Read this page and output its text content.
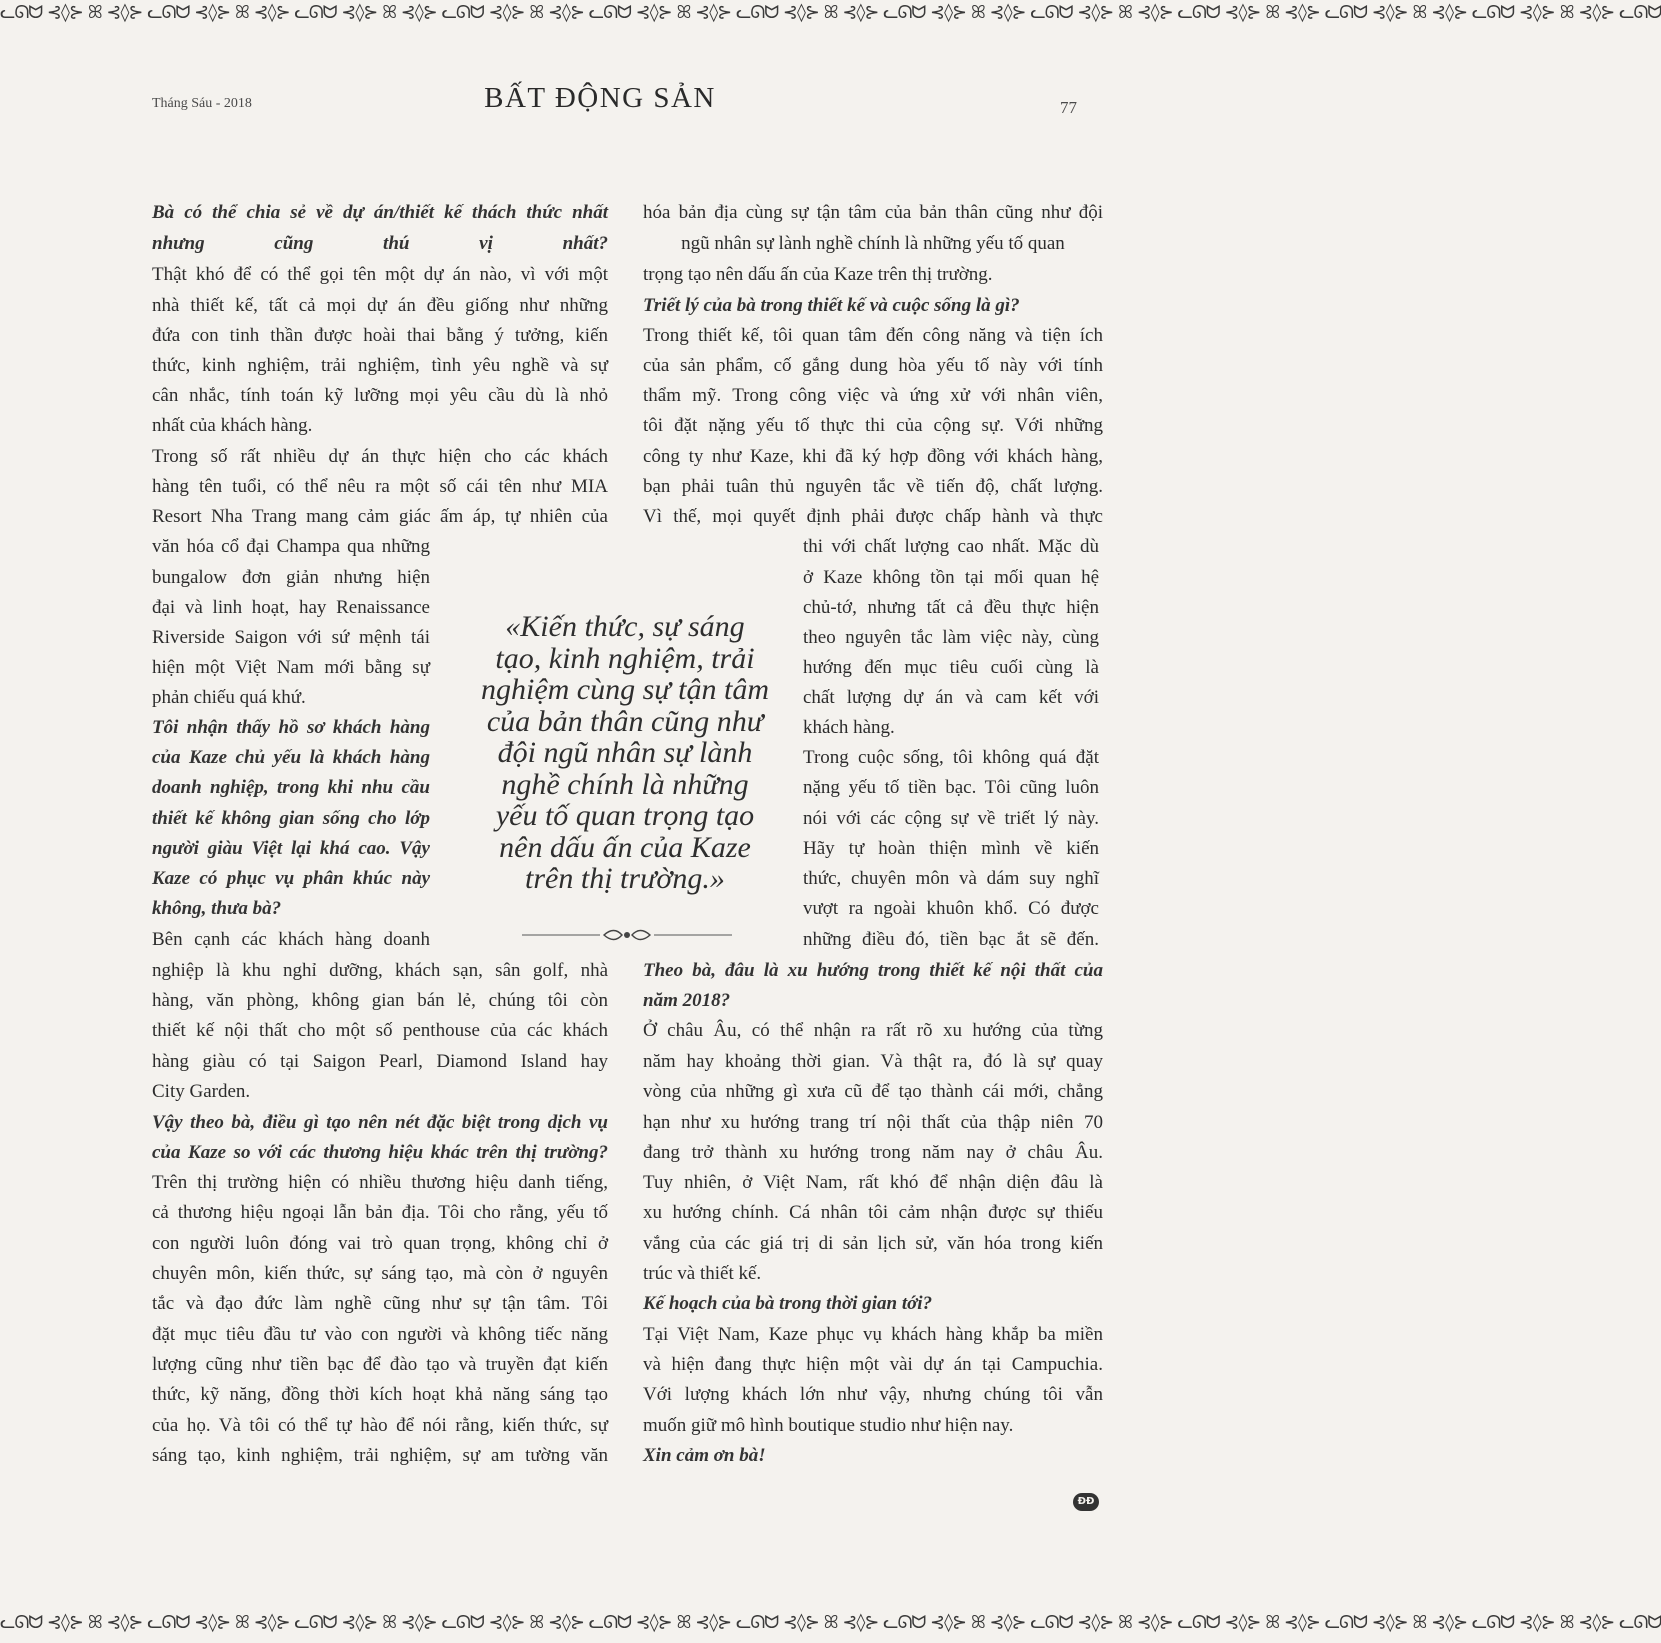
ᓚᘏᗢ ⊰◊⊱ ꕤ ⊰◊⊱ ᓚᘏᗢ ⊰◊⊱ ꕤ ⊰◊⊱ ᓚᘏᗢ ⊰◊⊱ ꕤ ⊰◊⊱ ᓚᘏᗢ ⊰◊⊱ ꕤ ⊰◊⊱ ᓚᘏᗢ ⊰◊⊱ ꕤ ⊰◊⊱ ᓚᘏᗢ ⊰◊⊱ ꕤ ⊰◊⊱ ᓚᘏᗢ ⊰◊⊱ ꕤ ⊰◊⊱ ᓚᘏᗢ ⊰◊⊱ ꕤ ⊰◊⊱ ᓚᘏᗢ ⊰◊⊱ ꕤ ⊰◊⊱ ᓚᘏᗢ ⊰◊⊱ ꕤ ⊰◊⊱ ᓚᘏᗢ ⊰◊⊱ ꕤ ⊰◊⊱ ᓚᘏᗢ
Tháng Sáu - 2018	BẤT ĐỘNG SẢN	77
Bà có thể chia sẻ về dự án/thiết kế thách thức nhất
nhưng cũng thú vị nhất?
Thật khó để có thể gọi tên một dự án nào, vì với một
nhà thiết kế, tất cả mọi dự án đều giống như những
đứa con tinh thần được hoài thai bằng ý tưởng, kiến
thức, kinh nghiệm, trải nghiệm, tình yêu nghề và sự
cân nhắc, tính toán kỹ lưỡng mọi yêu cầu dù là nhỏ
nhất của khách hàng.
Trong số rất nhiều dự án thực hiện cho các khách
hàng tên tuổi, có thể nêu ra một số cái tên như MIA
Resort Nha Trang mang cảm giác ấm áp, tự nhiên của
văn hóa cổ đại Champa qua những
bungalow đơn giản nhưng hiện
đại và linh hoạt, hay Renaissance
Riverside Saigon với sứ mệnh tái
hiện một Việt Nam mới bằng sự
phản chiếu quá khứ.
Tôi nhận thấy hồ sơ khách hàng
của Kaze chủ yếu là khách hàng
doanh nghiệp, trong khi nhu cầu
thiết kế không gian sống cho lớp
người giàu Việt lại khá cao. Vậy
Kaze có phục vụ phân khúc này
không, thưa bà?
Bên cạnh các khách hàng doanh
nghiệp là khu nghỉ dưỡng, khách sạn, sân golf, nhà
hàng, văn phòng, không gian bán lẻ, chúng tôi còn
thiết kế nội thất cho một số penthouse của các khách
hàng giàu có tại Saigon Pearl, Diamond Island hay
City Garden.
Vậy theo bà, điều gì tạo nên nét đặc biệt trong dịch vụ
của Kaze so với các thương hiệu khác trên thị trường?
Trên thị trường hiện có nhiều thương hiệu danh tiếng,
cả thương hiệu ngoại lẫn bản địa. Tôi cho rằng, yếu tố
con người luôn đóng vai trò quan trọng, không chỉ ở
chuyên môn, kiến thức, sự sáng tạo, mà còn ở nguyên
tắc và đạo đức làm nghề cũng như sự tận tâm. Tôi
đặt mục tiêu đầu tư vào con người và không tiếc năng
lượng cũng như tiền bạc để đào tạo và truyền đạt kiến
thức, kỹ năng, đồng thời kích hoạt khả năng sáng tạo
của họ. Và tôi có thể tự hào để nói rằng, kiến thức, sự
sáng tạo, kinh nghiệm, trải nghiệm, sự am tường văn
hóa bản địa cùng sự tận tâm của bản thân cũng như đội
ngũ nhân sự lành nghề chính là những yếu tố quan
trọng tạo nên dấu ấn của Kaze trên thị trường.
Triết lý của bà trong thiết kế và cuộc sống là gì?
Trong thiết kế, tôi quan tâm đến công năng và tiện ích
của sản phẩm, cố gắng dung hòa yếu tố này với tính
thẩm mỹ. Trong công việc và ứng xử với nhân viên,
tôi đặt nặng yếu tố thực thi của cộng sự. Với những
công ty như Kaze, khi đã ký hợp đồng với khách hàng,
bạn phải tuân thủ nguyên tắc về tiến độ, chất lượng.
Vì thế, mọi quyết định phải được chấp hành và thực
thi với chất lượng cao nhất. Mặc dù
ở Kaze không tồn tại mối quan hệ
chủ-tớ, nhưng tất cả đều thực hiện
theo nguyên tắc làm việc này, cùng
hướng đến mục tiêu cuối cùng là
chất lượng dự án và cam kết với
khách hàng.
Trong cuộc sống, tôi không quá đặt
nặng yếu tố tiền bạc. Tôi cũng luôn
nói với các cộng sự về triết lý này.
Hãy tự hoàn thiện mình về kiến
thức, chuyên môn và dám suy nghĩ
vượt ra ngoài khuôn khổ. Có được
những điều đó, tiền bạc ắt sẽ đến.
Theo bà, đâu là xu hướng trong thiết kế nội thất của
năm 2018?
Ở châu Âu, có thể nhận ra rất rõ xu hướng của từng
năm hay khoảng thời gian. Và thật ra, đó là sự quay
vòng của những gì xưa cũ để tạo thành cái mới, chẳng
hạn như xu hướng trang trí nội thất của thập niên 70
đang trở thành xu hướng trong năm nay ở châu Âu.
Tuy nhiên, ở Việt Nam, rất khó để nhận diện đâu là
xu hướng chính. Cá nhân tôi cảm nhận được sự thiếu
vắng của các giá trị di sản lịch sử, văn hóa trong kiến
trúc và thiết kế.
Kế hoạch của bà trong thời gian tới?
Tại Việt Nam, Kaze phục vụ khách hàng khắp ba miền
và hiện đang thực hiện một vài dự án tại Campuchia.
Với lượng khách lớn như vậy, nhưng chúng tôi vẫn
muốn giữ mô hình boutique studio như hiện nay.
Xin cảm ơn bà!
«Kiến thức, sự sáng
tạo, kinh nghiệm, trải
nghiệm cùng sự tận tâm
của bản thân cũng như
đội ngũ nhân sự lành
nghề chính là những
yếu tố quan trọng tạo
nên dấu ấn của Kaze
trên thị trường.»
ĐĐ
ᓚᘏᗢ ⊰◊⊱ ꕤ ⊰◊⊱ ᓚᘏᗢ ⊰◊⊱ ꕤ ⊰◊⊱ ᓚᘏᗢ ⊰◊⊱ ꕤ ⊰◊⊱ ᓚᘏᗢ ⊰◊⊱ ꕤ ⊰◊⊱ ᓚᘏᗢ ⊰◊⊱ ꕤ ⊰◊⊱ ᓚᘏᗢ ⊰◊⊱ ꕤ ⊰◊⊱ ᓚᘏᗢ ⊰◊⊱ ꕤ ⊰◊⊱ ᓚᘏᗢ ⊰◊⊱ ꕤ ⊰◊⊱ ᓚᘏᗢ ⊰◊⊱ ꕤ ⊰◊⊱ ᓚᘏᗢ ⊰◊⊱ ꕤ ⊰◊⊱ ᓚᘏᗢ ⊰◊⊱ ꕤ ⊰◊⊱ ᓚᘏᗢ
